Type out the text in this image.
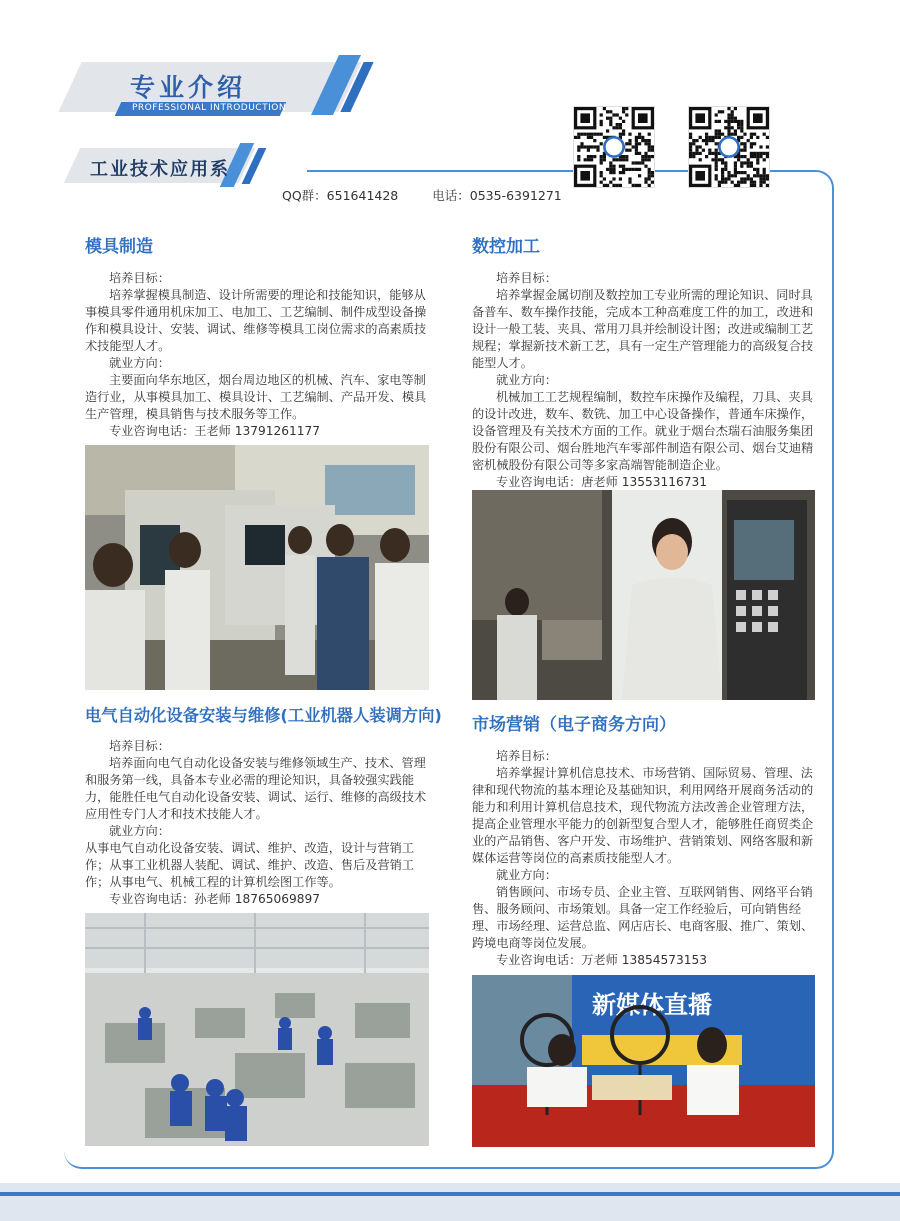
专业介绍
PROFESSIONAL INTRODUCTION
工业技术应用系
QQ群：651641428	电话：0535-6391271
模具制造
培养目标：
培养掌握模具制造、设计所需要的理论和技能知识，能够从事模具零件通用机床加工、电加工、工艺编制、制件成型设备操作和模具设计、安装、调试、维修等模具工岗位需求的高素质技术技能型人才。
就业方向：
主要面向华东地区，烟台周边地区的机械、汽车、家电等制造行业，从事模具加工、模具设计、工艺编制、产品开发、模具生产管理，模具销售与技术服务等工作。
专业咨询电话：王老师 13791261177
电气自动化设备安装与维修(工业机器人装调方向)
培养目标：
培养面向电气自动化设备安装与维修领域生产、技术、管理和服务第一线，具备本专业必需的理论知识，具备较强实践能力，能胜任电气自动化设备安装、调试、运行、维修的高级技术应用性专门人才和技术技能人才。
就业方向：
从事电气自动化设备安装、调试、维护、改造，设计与营销工作；从事工业机器人装配、调试、维护、改造、售后及营销工作；从事电气、机械工程的计算机绘图工作等。
专业咨询电话：孙老师 18765069897
数控加工
培养目标：
培养掌握金属切削及数控加工专业所需的理论知识、同时具备普车、数车操作技能，完成本工种高难度工件的加工，改进和设计一般工装、夹具、常用刀具并绘制设计图；改进或编制工艺规程；掌握新技术新工艺，具有一定生产管理能力的高级复合技能型人才。
就业方向：
机械加工工艺规程编制，数控车床操作及编程，刀具、夹具的设计改进，数车、数铣、加工中心设备操作，普通车床操作，设备管理及有关技术方面的工作。就业于烟台杰瑞石油服务集团股份有限公司、烟台胜地汽车零部件制造有限公司、烟台艾迪精密机械股份有限公司等多家高端智能制造企业。
专业咨询电话：唐老师 13553116731
市场营销（电子商务方向）
培养目标：
培养掌握计算机信息技术、市场营销、国际贸易、管理、法律和现代物流的基本理论及基础知识，利用网络开展商务活动的能力和利用计算机信息技术，现代物流方法改善企业管理方法，提高企业管理水平能力的创新型复合型人才，能够胜任商贸类企业的产品销售、客户开发、市场维护、营销策划、网络客服和新媒体运营等岗位的高素质技能型人才。
就业方向：
销售顾问、市场专员、企业主管、互联网销售、网络平台销售、服务顾问、市场策划。具备一定工作经验后，可向销售经理、市场经理、运营总监、网店店长、电商客服、推广、策划、跨境电商等岗位发展。
专业咨询电话：万老师 13854573153
新媒体直播
